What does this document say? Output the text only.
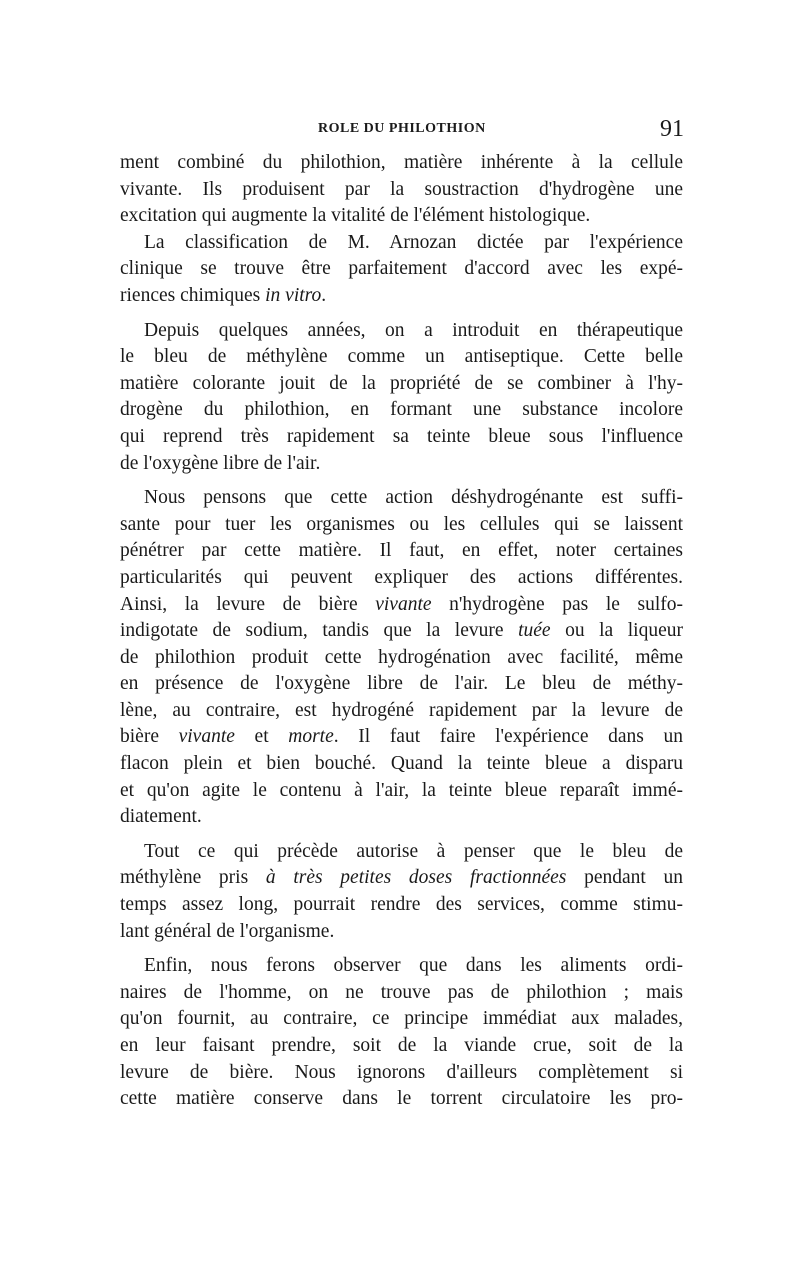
ROLE DU PHILOTHION	91
ment combiné du philothion, matière inhérente à la cellule
vivante. Ils produisent par la soustraction d'hydrogène une
excitation qui augmente la vitalité de l'élément histologique.
La classification de M. Arnozan dictée par l'expérience
clinique se trouve être parfaitement d'accord avec les expé-
riences chimiques in vitro.
Depuis quelques années, on a introduit en thérapeutique
le bleu de méthylène comme un antiseptique. Cette belle
matière colorante jouit de la propriété de se combiner à l'hy-
drogène du philothion, en formant une substance incolore
qui reprend très rapidement sa teinte bleue sous l'influence
de l'oxygène libre de l'air.
Nous pensons que cette action déshydrogénante est suffi-
sante pour tuer les organismes ou les cellules qui se laissent
pénétrer par cette matière. Il faut, en effet, noter certaines
particularités qui peuvent expliquer des actions différentes.
Ainsi, la levure de bière vivante n'hydrogène pas le sulfo-
indigotate de sodium, tandis que la levure tuée ou la liqueur
de philothion produit cette hydrogénation avec facilité, même
en présence de l'oxygène libre de l'air. Le bleu de méthy-
lène, au contraire, est hydrogéné rapidement par la levure de
bière vivante et morte. Il faut faire l'expérience dans un
flacon plein et bien bouché. Quand la teinte bleue a disparu
et qu'on agite le contenu à l'air, la teinte bleue reparaît immé-
diatement.
Tout ce qui précède autorise à penser que le bleu de
méthylène pris à très petites doses fractionnées pendant un
temps assez long, pourrait rendre des services, comme stimu-
lant général de l'organisme.
Enfin, nous ferons observer que dans les aliments ordi-
naires de l'homme, on ne trouve pas de philothion ; mais
qu'on fournit, au contraire, ce principe immédiat aux malades,
en leur faisant prendre, soit de la viande crue, soit de la
levure de bière. Nous ignorons d'ailleurs complètement si
cette matière conserve dans le torrent circulatoire les pro-
